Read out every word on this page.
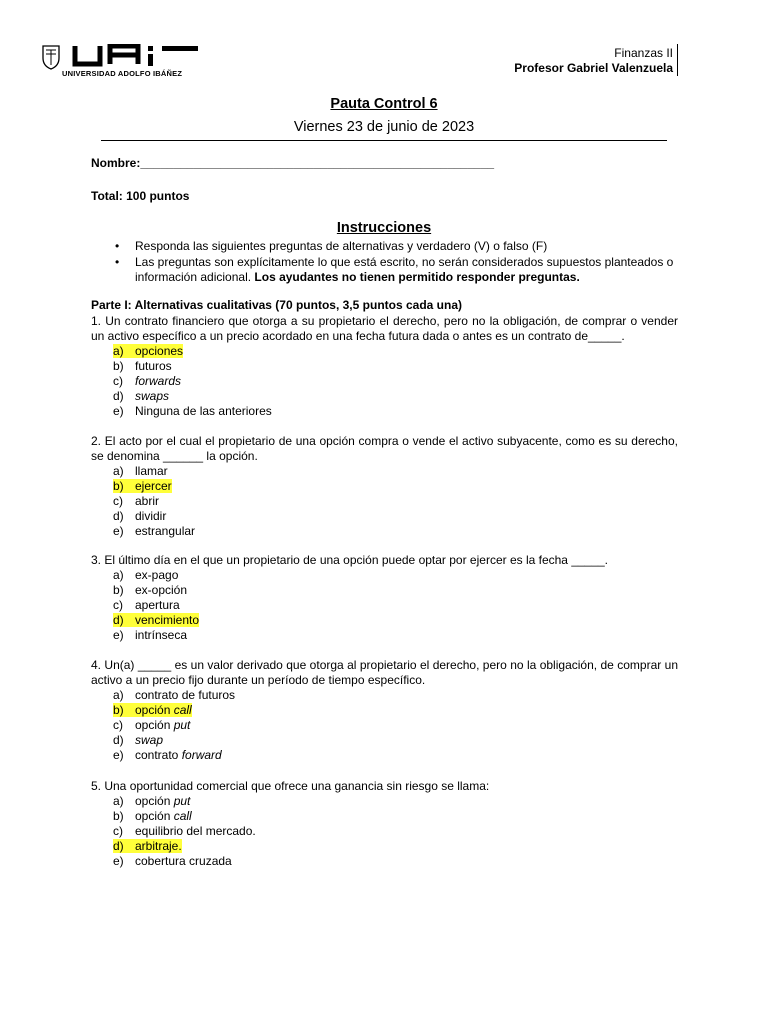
UNIVERSIDAD ADOLFO IBÁÑEZ
Finanzas II
Profesor Gabriel Valenzuela
Pauta Control 6
Viernes 23 de junio de 2023
Nombre:_____________________________________________________
Total: 100 puntos
Instrucciones
• Responda las siguientes preguntas de alternativas y verdadero (V) o falso (F)
• Las preguntas son explícitamente lo que está escrito, no serán considerados supuestos planteados o información adicional. Los ayudantes no tienen permitido responder preguntas.
Parte I: Alternativas cualitativas (70 puntos, 3,5 puntos cada una)
1. Un contrato financiero que otorga a su propietario el derecho, pero no la obligación, de comprar o vender un activo específico a un precio acordado en una fecha futura dada o antes es un contrato de_____.
a) opciones
b) futuros
c) forwards
d) swaps
e) Ninguna de las anteriores
2. El acto por el cual el propietario de una opción compra o vende el activo subyacente, como es su derecho, se denomina ______ la opción.
a) llamar
b) ejercer
c) abrir
d) dividir
e) estrangular
3. El último día en el que un propietario de una opción puede optar por ejercer es la fecha _____.
a) ex-pago
b) ex-opción
c) apertura
d) vencimiento
e) intrínseca
4. Un(a) _____ es un valor derivado que otorga al propietario el derecho, pero no la obligación, de comprar un activo a un precio fijo durante un período de tiempo específico.
a) contrato de futuros
b) opción call
c) opción put
d) swap
e) contrato forward
5. Una oportunidad comercial que ofrece una ganancia sin riesgo se llama:
a) opción put
b) opción call
c) equilibrio del mercado.
d) arbitraje.
e) cobertura cruzada
